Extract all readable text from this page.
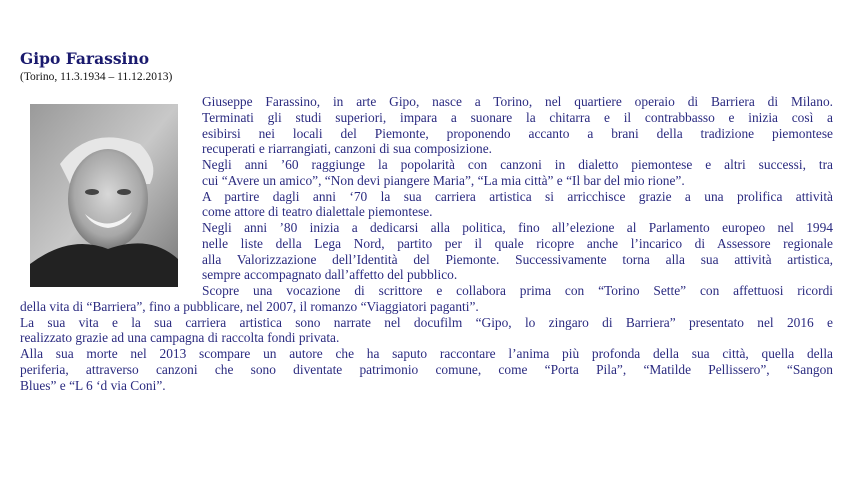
Gipo Farassino
(Torino, 11.3.1934 – 11.12.2013)
Giuseppe Farassino, in arte Gipo, nasce a Torino, nel quartiere operaio di Barriera di Milano.
Terminati gli studi superiori, impara a suonare la chitarra e il contrabbasso e inizia così a
esibirsi nei locali del Piemonte, proponendo accanto a brani della tradizione piemontese
recuperati e riarrangiati, canzoni di sua composizione.
Negli anni ’60 raggiunge la popolarità con canzoni in dialetto piemontese e altri successi, tra
cui “Avere un amico”, “Non devi piangere Maria”, “La mia città” e “Il bar del mio rione”.
A partire dagli anni ‘70 la sua carriera artistica si arricchisce grazie a una prolifica attività
come attore di teatro dialettale piemontese.
Negli anni ’80 inizia a dedicarsi alla politica, fino all’elezione al Parlamento europeo nel 1994
nelle liste della Lega Nord, partito per il quale ricopre anche l’incarico di Assessore regionale
alla Valorizzazione dell’Identità del Piemonte. Successivamente torna alla sua attività artistica,
sempre accompagnato dall’affetto del pubblico.
Scopre una vocazione di scrittore e collabora prima con “Torino Sette” con affettuosi ricordi
della vita di “Barriera”, fino a pubblicare, nel 2007, il romanzo “Viaggiatori paganti”.
La sua vita e la sua carriera artistica sono narrate nel docufilm “Gipo, lo zingaro di Barriera” presentato nel 2016 e
realizzato grazie ad una campagna di raccolta fondi privata.
Alla sua morte nel 2013 scompare un autore che ha saputo raccontare l’anima più profonda della sua città, quella della
periferia, attraverso canzoni che sono diventate patrimonio comune, come “Porta Pila”, “Matilde Pellissero”, “Sangon
Blues” e “L 6 ‘d via Coni”.
